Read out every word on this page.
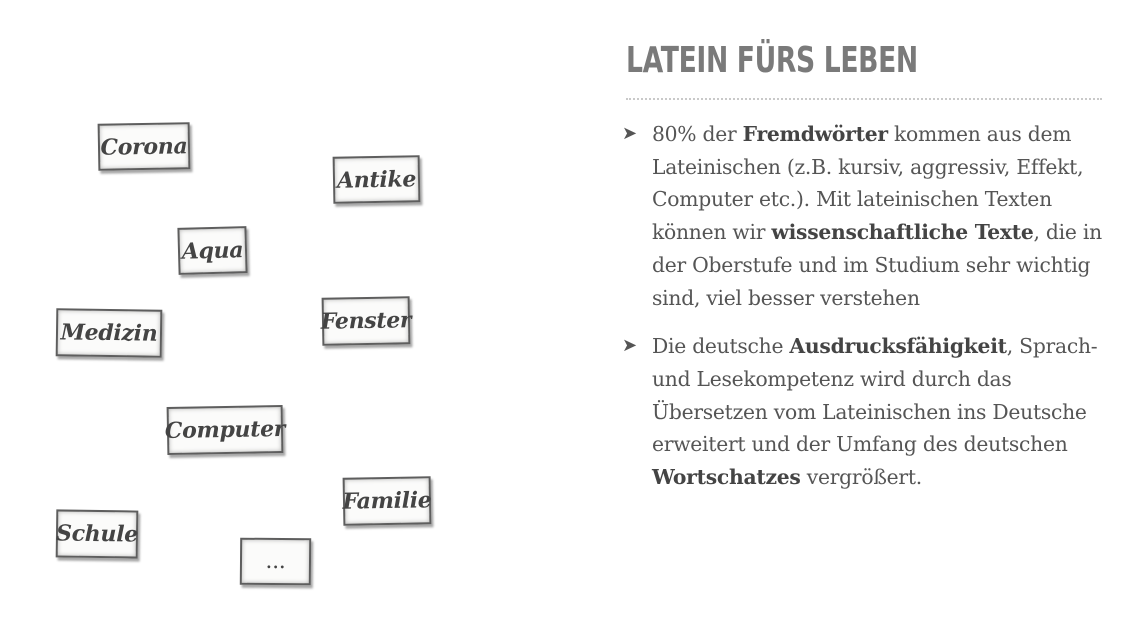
Corona
Antike
Aqua
Medizin	Fenster
Computer
Familie
Schule
...
LATEIN FÜRS LEBEN
➤ 80% der Fremdwörter kommen aus dem Lateinischen (z.B. kursiv, aggressiv, Effekt, Computer etc.). Mit lateinischen Texten können wir wissenschaftliche Texte, die in der Oberstufe und im Studium sehr wichtig sind, viel besser verstehen
➤ Die deutsche Ausdrucksfähigkeit, Sprach- und Lesekompetenz wird durch das Übersetzen vom Lateinischen ins Deutsche erweitert und der Umfang des deutschen Wortschatzes vergrößert.
